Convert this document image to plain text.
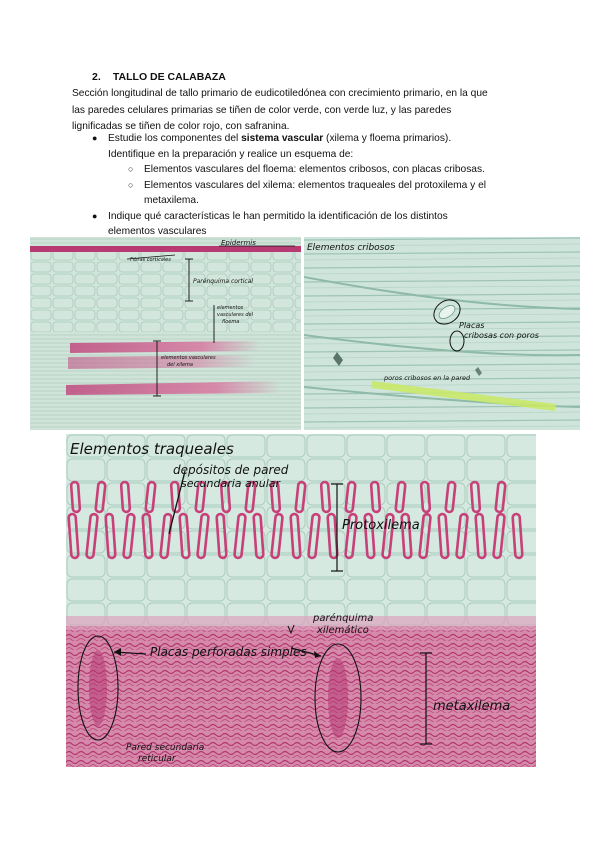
2. TALLO DE CALABAZA

Sección longitudinal de tallo primario de eudicotiledónea con crecimiento primario, en la que

las paredes celulares primarias se tiñen de color verde, con verde luz, y las paredes

lignificadas se tiñen de color rojo, con safranina.

● Estudie los componentes del sistema vascular (xilema y floema primarios).
Identifique en la preparación y realice un esquema de:
○ Elementos vasculares del floema: elementos cribosos, con placas cribosas.
○ Elementos vasculares del xilema: elementos traqueales del protoxilema y el
metaxilema.
● Indique qué características le han permitido la identificación de los distintos
elementos vasculares
Epidermis
Fibras corticales
Parénquima cortical
elementos
vasculares del
floema
elementos vasculares
del xilema
Elementos cribosos
Placas
cribosas con poros
poros cribosos en la pared
Elementos traqueales
depósitos de pared
secundaria anular
Protoxilema
parénquima
xilemático
Placas perforadas simples
metaxilema
Pared secundaria
reticular
